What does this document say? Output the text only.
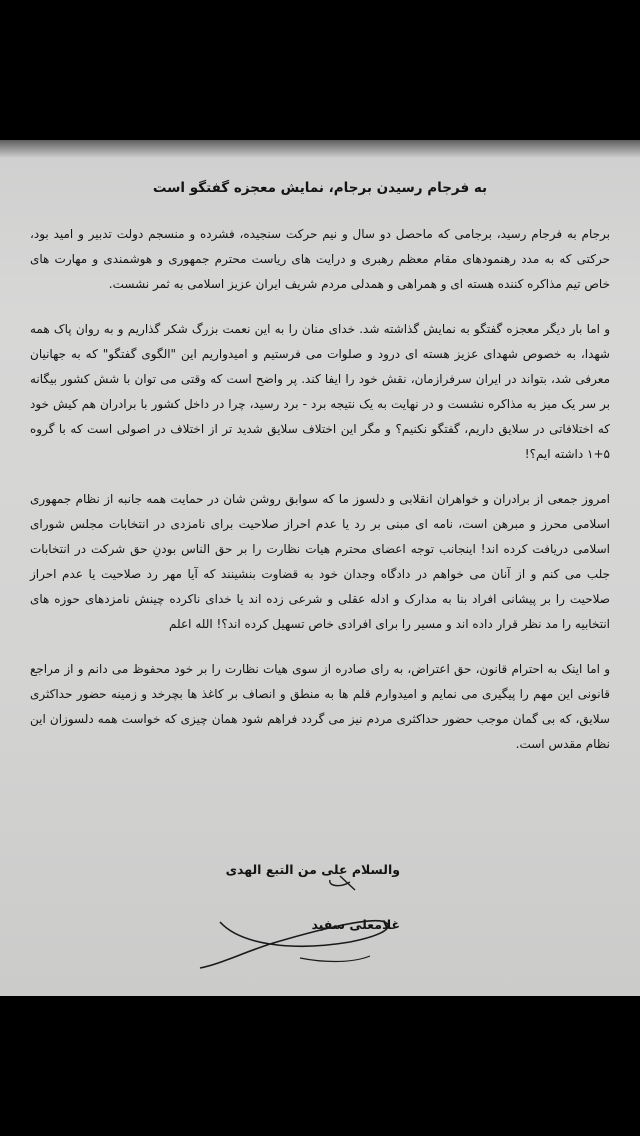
به فرجام رسیدن برجام، نمایش معجزه گفتگو است

برجام به فرجام رسید، برجامی که ماحصل دو سال و نیم حرکت سنجیده، فشرده و منسجم دولت تدبیر و امید بود، حرکتی که به مدد رهنمودهای مقام معظم رهبری و درایت های ریاست محترم جمهوری و هوشمندی و مهارت های خاص تیم مذاکره کننده هسته ای و همراهی و همدلی مردم شریف ایران عزیز اسلامی به ثمر نشست.

و اما بار دیگر معجزه گفتگو به نمایش گذاشته شد. خدای منان را به این نعمت بزرگ شکر گذاریم و به روان پاک همه شهدا، به خصوص شهدای عزیز هسته ای درود و صلوات می فرستیم و امیدواریم این "الگوی گفتگو" که به جهانیان معرفی شد، بتواند در ایران سرفرازمان، نقش خود را ایفا کند. پر واضح است که وقتی می توان با شش کشور بیگانه بر سر یک میز به مذاکره نشست و در نهایت به یک نتیجه برد - برد رسید، چرا در داخل کشور با برادران هم کیش خود که اختلافاتی در سلایق داریم، گفتگو نکنیم؟ و مگر این اختلاف سلایق شدید تر از اختلاف در اصولی است که با گروه ۵+۱ داشته ایم؟!

امروز جمعی از برادران و خواهران انقلابی و دلسوز ما که سوابق روشن شان در حمایت همه جانبه از نظام جمهوری اسلامی محرز و مبرهن است، نامه ای مبنی بر رد یا عدم احراز صلاحیت برای نامزدی در انتخابات مجلس شورای اسلامی دریافت کرده اند! اینجانب توجه اعضای محترم هیات نظارت را بر حق الناس بودنِ حق شرکت در انتخابات جلب می کنم و از آنان می خواهم در دادگاه وجدان خود به قضاوت بنشینند که آیا مهر رد صلاحیت یا عدم احراز صلاحیت را بر پیشانی افراد بنا به مدارک و ادله عقلی و شرعی زده اند یا خدای ناکرده چینش نامزدهای حوزه های انتخابیه را مد نظر قرار داده اند و مسیر را برای افرادی خاص تسهیل کرده اند؟! الله اعلم

و اما اینک به احترام قانون، حق اعتراض، به رای صادره از سوی هیات نظارت را بر خود محفوظ می دانم و از مراجع قانونی این مهم را پیگیری می نمایم و امیدوارم قلم ها به منطق و انصاف بر کاغذ ها بچرخد و زمینه حضور حداکثری سلایق، که بی گمان موجب حضور حداکثری مردم نیز می گردد فراهم شود همان چیزی که خواست همه دلسوزان این نظام مقدس است.

والسلام علی من التبع الهدی
غلامعلی سفید
